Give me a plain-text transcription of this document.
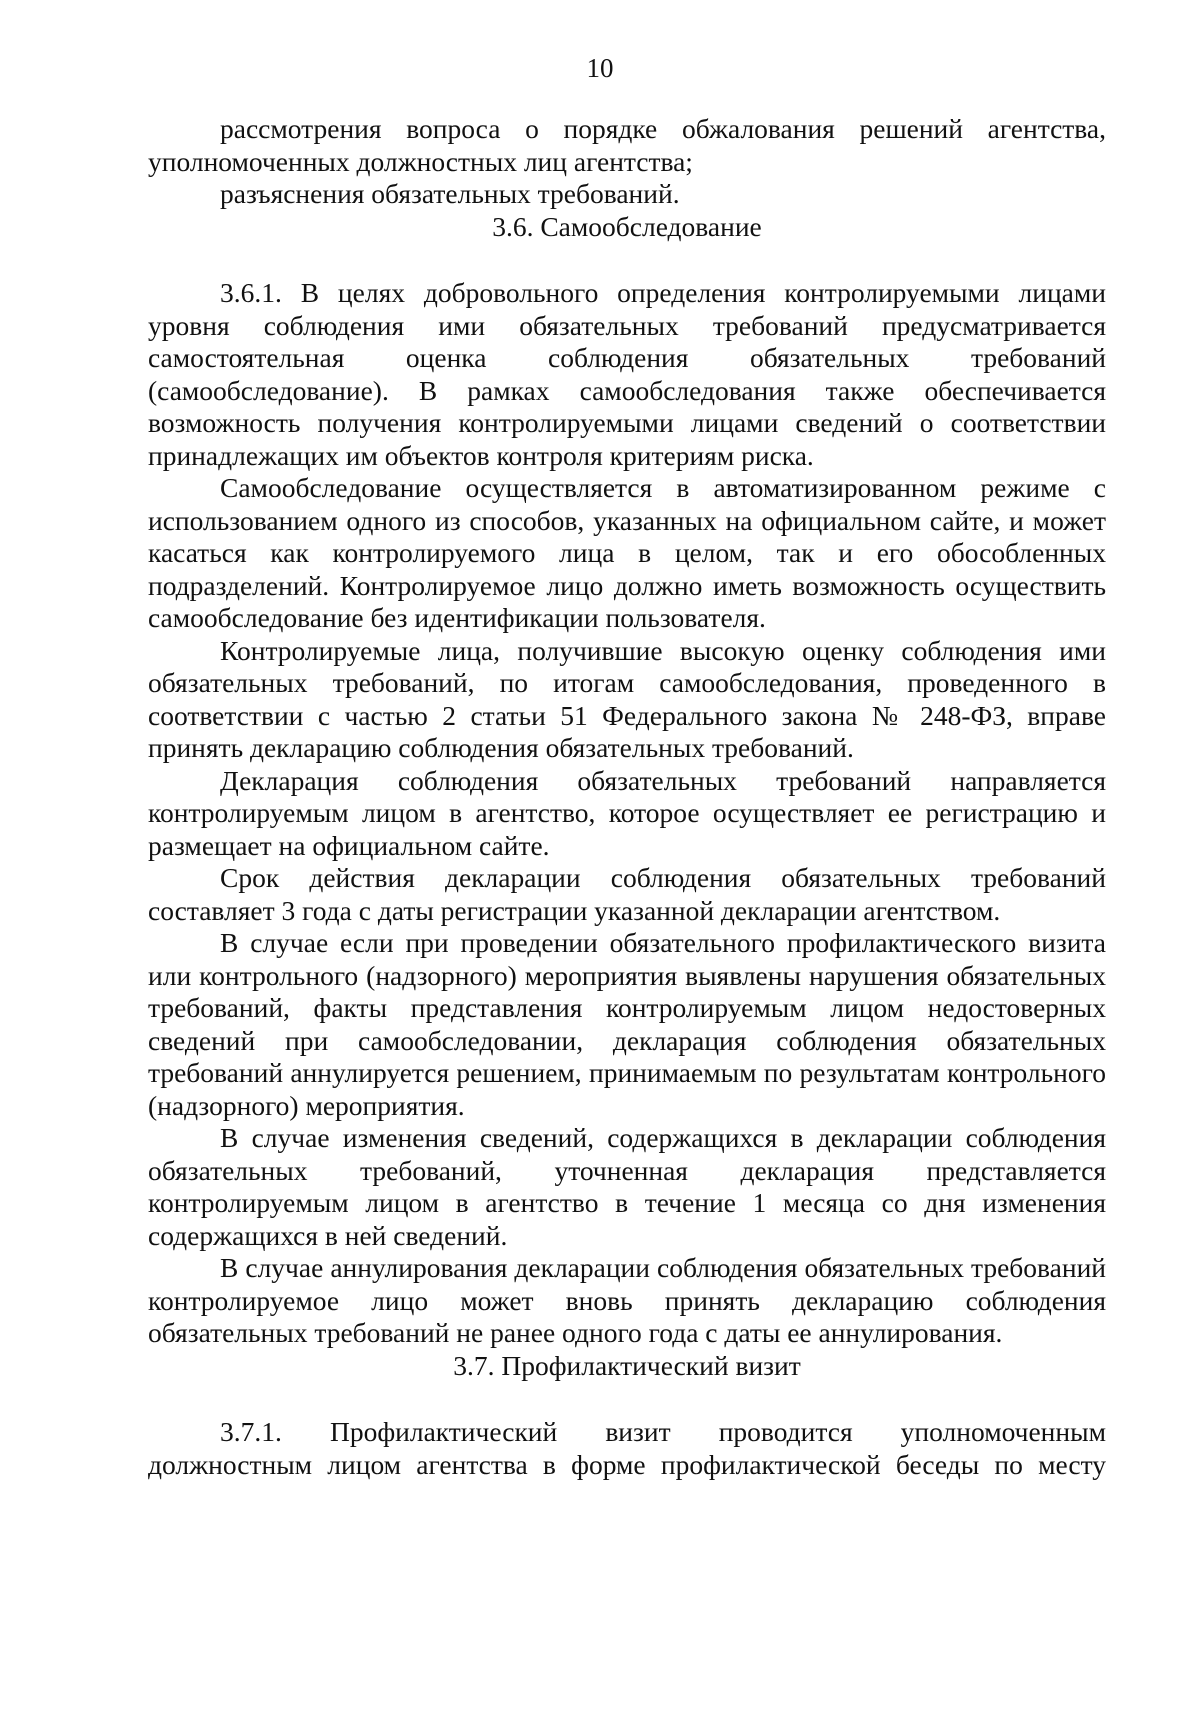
10

рассмотрения вопроса о порядке обжалования решений агентства, уполномоченных должностных лиц агентства;

разъяснения обязательных требований.

3.6. Самообследование

3.6.1. В целях добровольного определения контролируемыми лицами уровня соблюдения ими обязательных требований предусматривается самостоятельная оценка соблюдения обязательных требований (самообследование). В рамках самообследования также обеспечивается возможность получения контролируемыми лицами сведений о соответствии принадлежащих им объектов контроля критериям риска.

Самообследование осуществляется в автоматизированном режиме с использованием одного из способов, указанных на официальном сайте, и может касаться как контролируемого лица в целом, так и его обособленных подразделений. Контролируемое лицо должно иметь возможность осуществить самообследование без идентификации пользователя.

Контролируемые лица, получившие высокую оценку соблюдения ими обязательных требований, по итогам самообследования, проведенного в соответствии с частью 2 статьи 51 Федерального закона № 248-ФЗ, вправе принять декларацию соблюдения обязательных требований.

Декларация соблюдения обязательных требований направляется контролируемым лицом в агентство, которое осуществляет ее регистрацию и размещает на официальном сайте.

Срок действия декларации соблюдения обязательных требований составляет 3 года с даты регистрации указанной декларации агентством.

В случае если при проведении обязательного профилактического визита или контрольного (надзорного) мероприятия выявлены нарушения обязательных требований, факты представления контролируемым лицом недостоверных сведений при самообследовании, декларация соблюдения обязательных требований аннулируется решением, принимаемым по результатам контрольного (надзорного) мероприятия.

В случае изменения сведений, содержащихся в декларации соблюдения обязательных требований, уточненная декларация представляется контролируемым лицом в агентство в течение 1 месяца со дня изменения содержащихся в ней сведений.

В случае аннулирования декларации соблюдения обязательных требований контролируемое лицо может вновь принять декларацию соблюдения обязательных требований не ранее одного года с даты ее аннулирования.

3.7. Профилактический визит

3.7.1. Профилактический визит проводится уполномоченным должностным лицом агентства в форме профилактической беседы по месту
